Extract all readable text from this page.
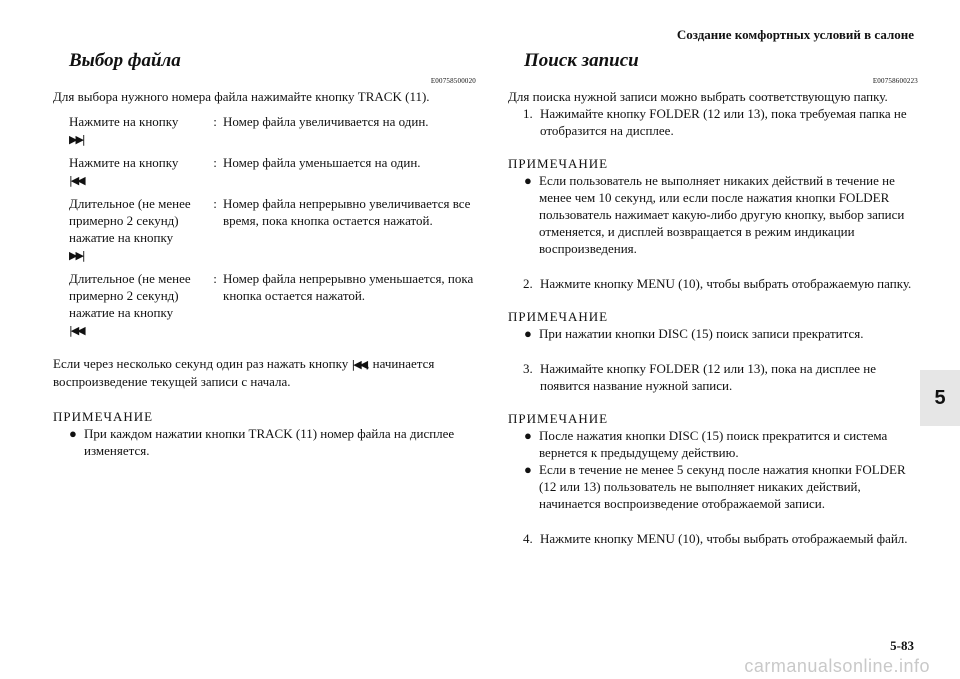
Создание комфортных условий в салоне
5
5-83
carmanualsonline.info
Выбор файла
E00758500020
Для выбора нужного номера файла нажимайте кнопку TRACK (11).
Нажмите на кнопку
▶▶|	:	Номер файла увеличивается на один.
Нажмите на кнопку
|◀◀	:	Номер файла уменьшается на один.
Длительное (не менее примерно 2 секунд) нажатие на кнопку
▶▶|	:	Номер файла непрерывно увеличивается все время, пока кнопка остается нажатой.
Длительное (не менее примерно 2 секунд) нажатие на кнопку
|◀◀	:	Номер файла непрерывно уменьшается, пока кнопка остается нажатой.
Если через несколько секунд один раз нажать кнопку |◀◀, начинается воспроизведение текущей записи с начала.
ПРИМЕЧАНИЕ
● При каждом нажатии кнопки TRACK (11) номер файла на дисплее изменяется.
Поиск записи
E00758600223
Для поиска нужной записи можно выбрать соответствующую папку.
1. Нажимайте кнопку FOLDER (12 или 13), пока требуемая папка не отобразится на дисплее.
ПРИМЕЧАНИЕ
● Если пользователь не выполняет никаких действий в течение не менее чем 10 секунд, или если после нажатия кнопки FOLDER пользователь нажимает какую-либо другую кнопку, выбор записи отменяется, и дисплей возвращается в режим индикации воспроизведения.
2. Нажмите кнопку MENU (10), чтобы выбрать отображаемую папку.
ПРИМЕЧАНИЕ
● При нажатии кнопки DISC (15) поиск записи прекратится.
3. Нажимайте кнопку FOLDER (12 или 13), пока на дисплее не появится название нужной записи.
ПРИМЕЧАНИЕ
● После нажатия кнопки DISC (15) поиск прекратится и система вернется к предыдущему действию.
● Если в течение не менее 5 секунд после нажатия кнопки FOLDER (12 или 13) пользователь не выполняет никаких действий, начинается воспроизведение отображаемой записи.
4. Нажмите кнопку MENU (10), чтобы выбрать отображаемый файл.
